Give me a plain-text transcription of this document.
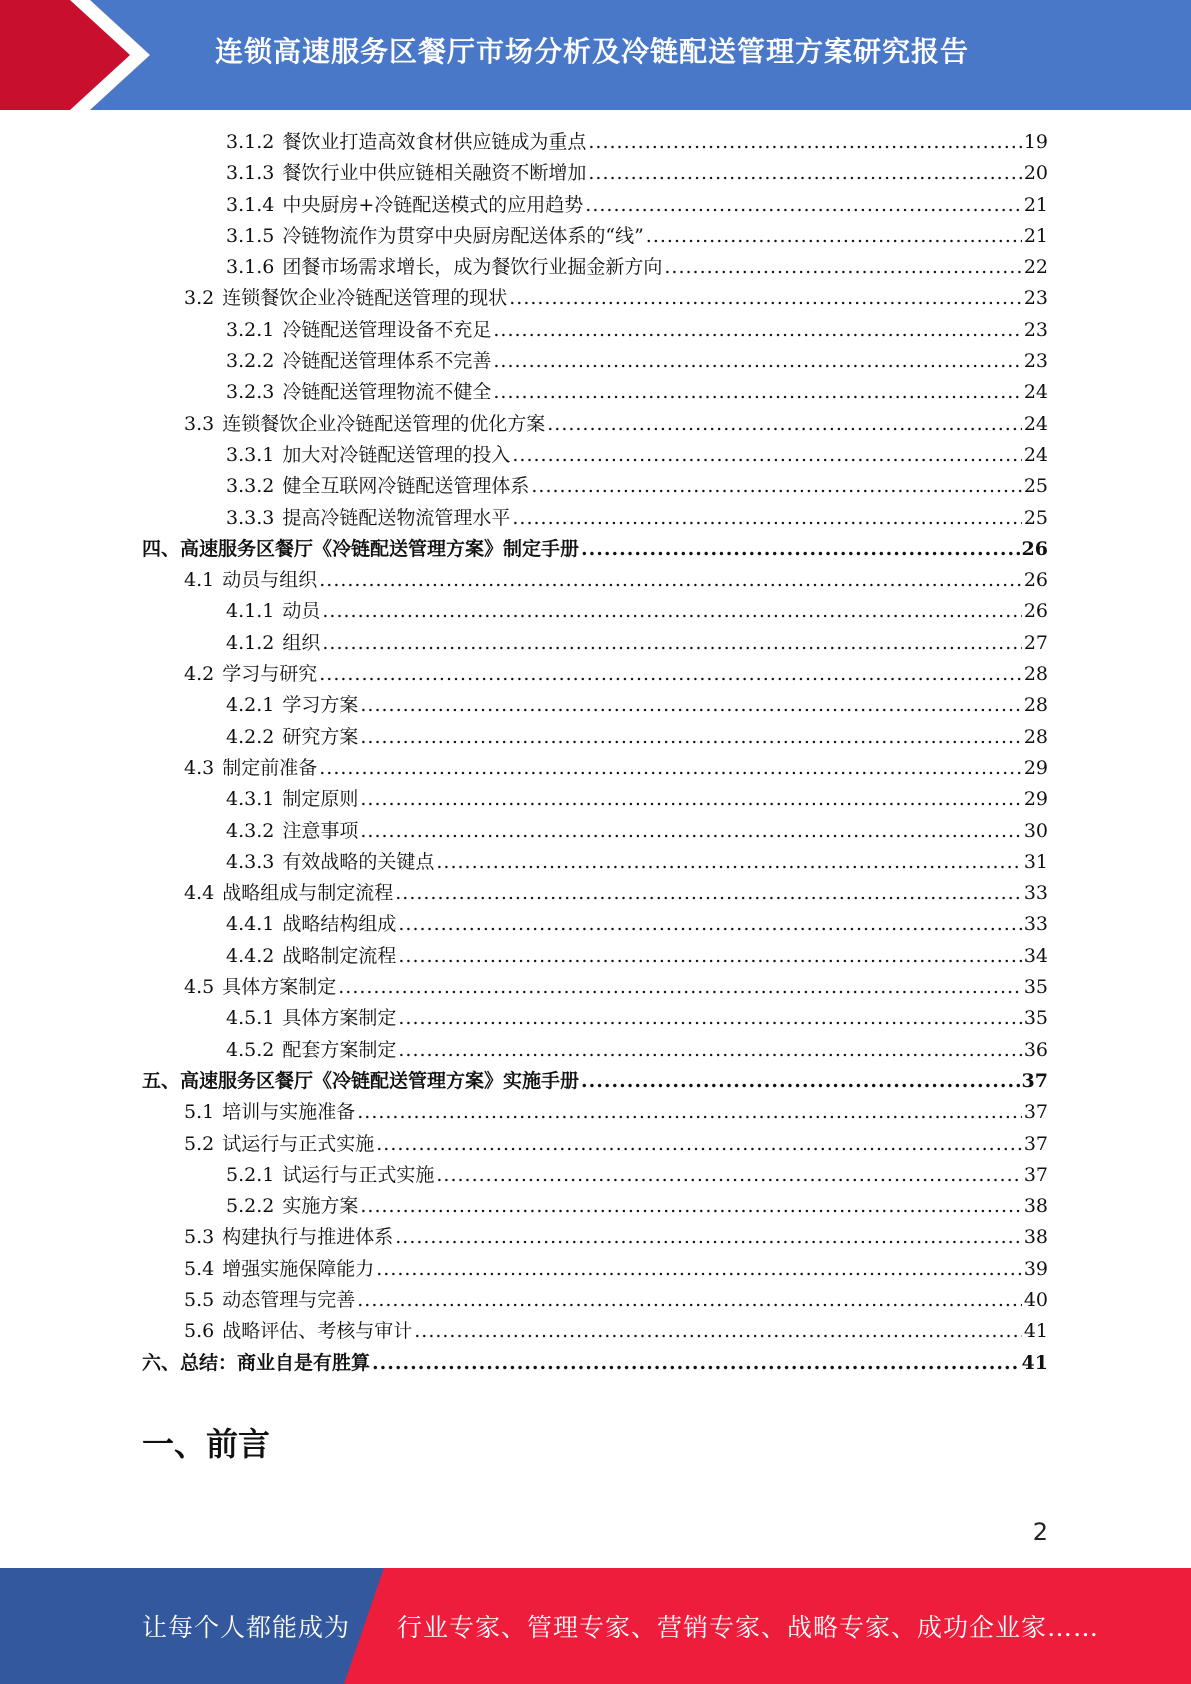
连锁高速服务区餐厅市场分析及冷链配送管理方案研究报告
3.1.2 餐饮业打造高效食材供应链成为重点 .....	19
3.1.3 餐饮行业中供应链相关融资不断增加 .....	20
3.1.4 中央厨房+冷链配送模式的应用趋势 .....	21
3.1.5 冷链物流作为贯穿中央厨房配送体系的“线” .....	21
3.1.6 团餐市场需求增长，成为餐饮行业掘金新方向 .....	22
3.2 连锁餐饮企业冷链配送管理的现状 .....	23
3.2.1 冷链配送管理设备不充足 .....	23
3.2.2 冷链配送管理体系不完善 .....	23
3.2.3 冷链配送管理物流不健全 .....	24
3.3 连锁餐饮企业冷链配送管理的优化方案 .....	24
3.3.1 加大对冷链配送管理的投入 .....	24
3.3.2 健全互联网冷链配送管理体系 .....	25
3.3.3 提高冷链配送物流管理水平 .....	25
四、高速服务区餐厅《冷链配送管理方案》制定手册 .....	26
4.1 动员与组织 .....	26
4.1.1 动员 .....	26
4.1.2 组织 .....	27
4.2 学习与研究 .....	28
4.2.1 学习方案 .....	28
4.2.2 研究方案 .....	28
4.3 制定前准备 .....	29
4.3.1 制定原则 .....	29
4.3.2 注意事项 .....	30
4.3.3 有效战略的关键点 .....	31
4.4 战略组成与制定流程 .....	33
4.4.1 战略结构组成 .....	33
4.4.2 战略制定流程 .....	34
4.5 具体方案制定 .....	35
4.5.1 具体方案制定 .....	35
4.5.2 配套方案制定 .....	36
五、高速服务区餐厅《冷链配送管理方案》实施手册 .....	37
5.1 培训与实施准备 .....	37
5.2 试运行与正式实施 .....	37
5.2.1 试运行与正式实施 .....	37
5.2.2 实施方案 .....	38
5.3 构建执行与推进体系 .....	38
5.4 增强实施保障能力 .....	39
5.5 动态管理与完善 .....	40
5.6 战略评估、考核与审计 .....	41
六、总结：商业自是有胜算 .....	41
一、前言
2
让每个人都能成为 行业专家、管理专家、营销专家、战略专家、成功企业家……
